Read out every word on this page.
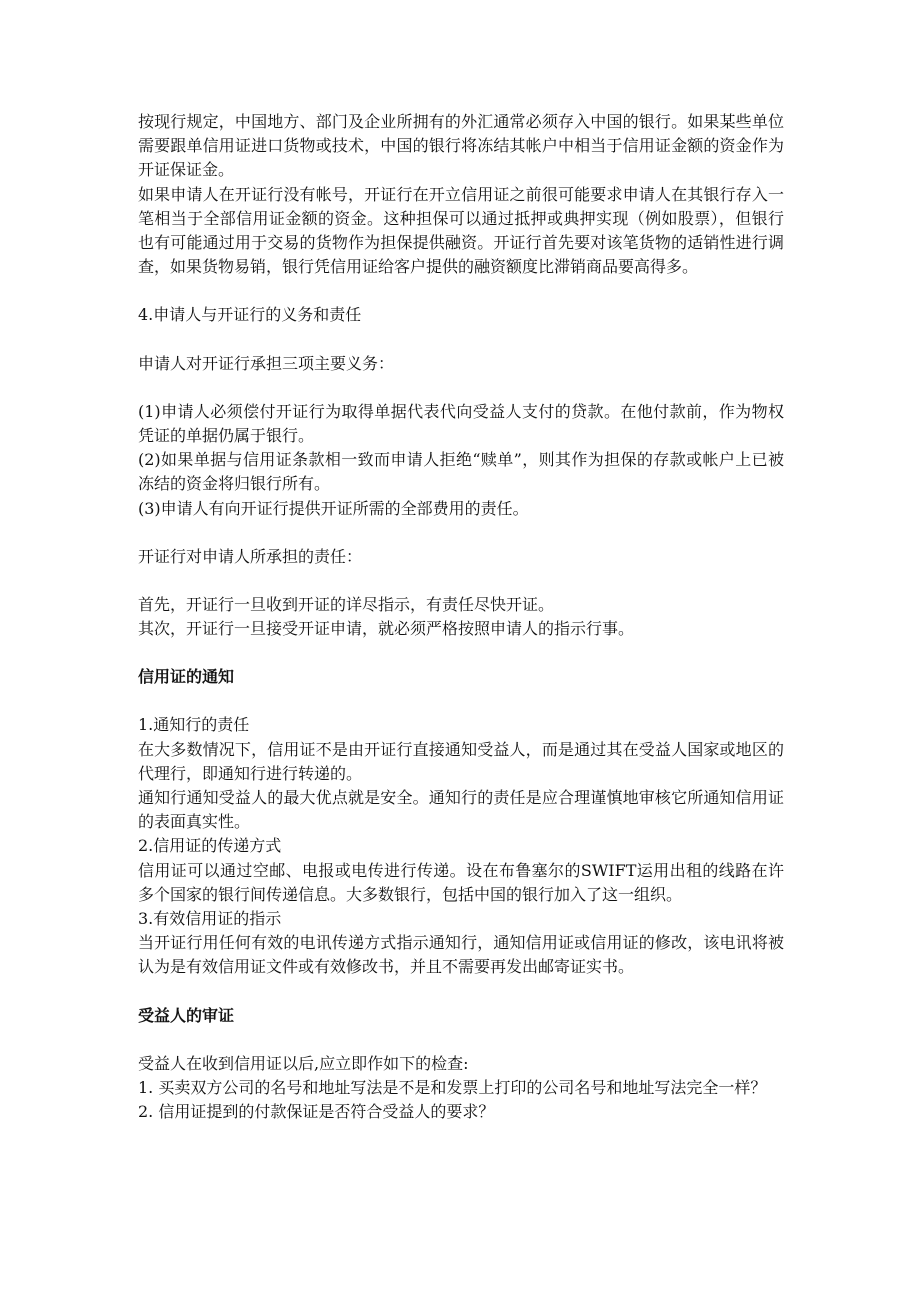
按现行规定，中国地方、部门及企业所拥有的外汇通常必须存入中国的银行。如果某些单位需要跟单信用证进口货物或技术，中国的银行将冻结其帐户中相当于信用证金额的资金作为开证保证金。

如果申请人在开证行没有帐号，开证行在开立信用证之前很可能要求申请人在其银行存入一笔相当于全部信用证金额的资金。这种担保可以通过抵押或典押实现（例如股票），但银行也有可能通过用于交易的货物作为担保提供融资。开证行首先要对该笔货物的适销性进行调查，如果货物易销，银行凭信用证给客户提供的融资额度比滞销商品要高得多。

4.申请人与开证行的义务和责任

申请人对开证行承担三项主要义务：

(1)申请人必须偿付开证行为取得单据代表代向受益人支付的贷款。在他付款前，作为物权凭证的单据仍属于银行。

(2)如果单据与信用证条款相一致而申请人拒绝“赎单”，则其作为担保的存款或帐户上已被冻结的资金将归银行所有。

(3)申请人有向开证行提供开证所需的全部费用的责任。

开证行对申请人所承担的责任：

首先，开证行一旦收到开证的详尽指示，有责任尽快开证。

其次，开证行一旦接受开证申请，就必须严格按照申请人的指示行事。

信用证的通知

1.通知行的责任

在大多数情况下，信用证不是由开证行直接通知受益人，而是通过其在受益人国家或地区的代理行，即通知行进行转递的。

通知行通知受益人的最大优点就是安全。通知行的责任是应合理谨慎地审核它所通知信用证的表面真实性。

2.信用证的传递方式

信用证可以通过空邮、电报或电传进行传递。设在布鲁塞尔的SWIFT运用出租的线路在许多个国家的银行间传递信息。大多数银行，包括中国的银行加入了这一组织。

3.有效信用证的指示

当开证行用任何有效的电讯传递方式指示通知行，通知信用证或信用证的修改，该电讯将被认为是有效信用证文件或有效修改书，并且不需要再发出邮寄证实书。

受益人的审证

受益人在收到信用证以后,应立即作如下的检查:

1. 买卖双方公司的名号和地址写法是不是和发票上打印的公司名号和地址写法完全一样？

2. 信用证提到的付款保证是否符合受益人的要求？
